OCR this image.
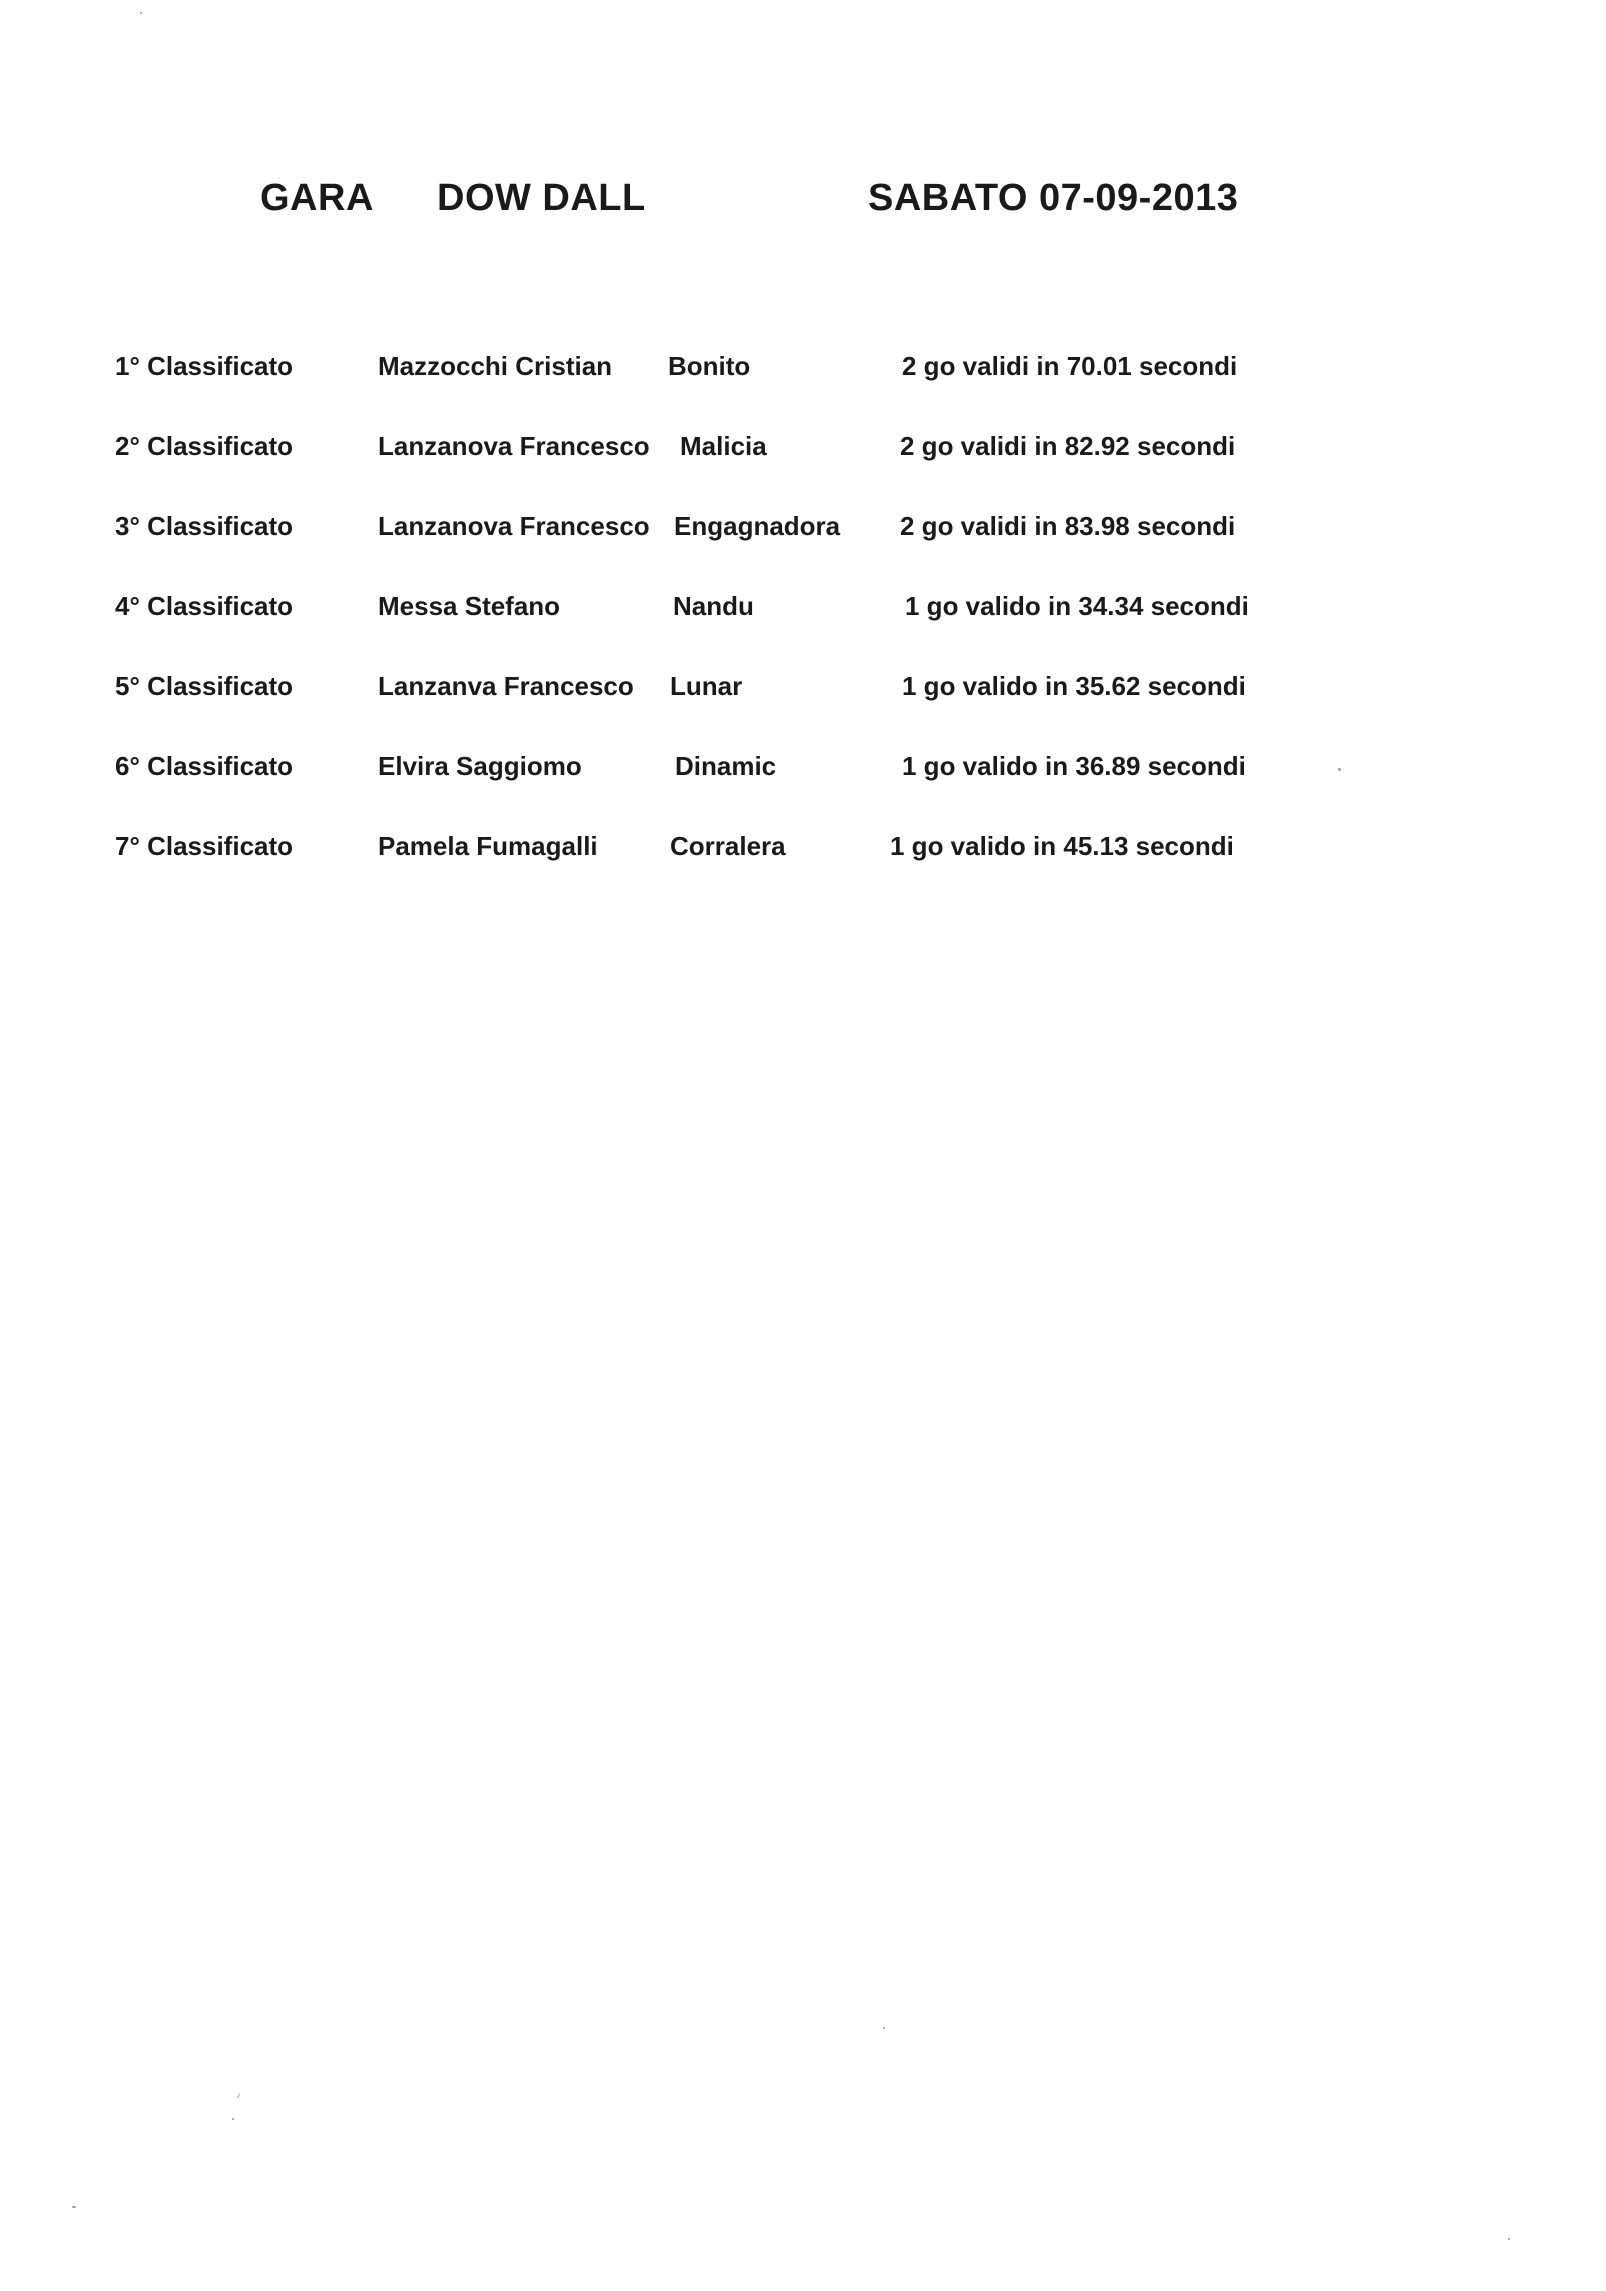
GARA DOW DALL	SABATO 07-09-2013
1° Classificato	Mazzocchi Cristian Bonito	2 go validi in 70.01 secondi
2° Classificato	Lanzanova Francesco Malicia	2 go validi in 82.92 secondi
3° Classificato	Lanzanova Francesco Engagnadora 2 go validi in 83.98 secondi
4° Classificato	Messa Stefano	Nandu	1 go valido in 34.34 secondi
5° Classificato	Lanzanva Francesco Lunar	1 go valido in 35.62 secondi
6° Classificato	Elvira Saggiomo	Dinamic	1 go valido in 36.89 secondi
7° Classificato	Pamela Fumagalli	Corralera	1 go valido in 45.13 secondi
